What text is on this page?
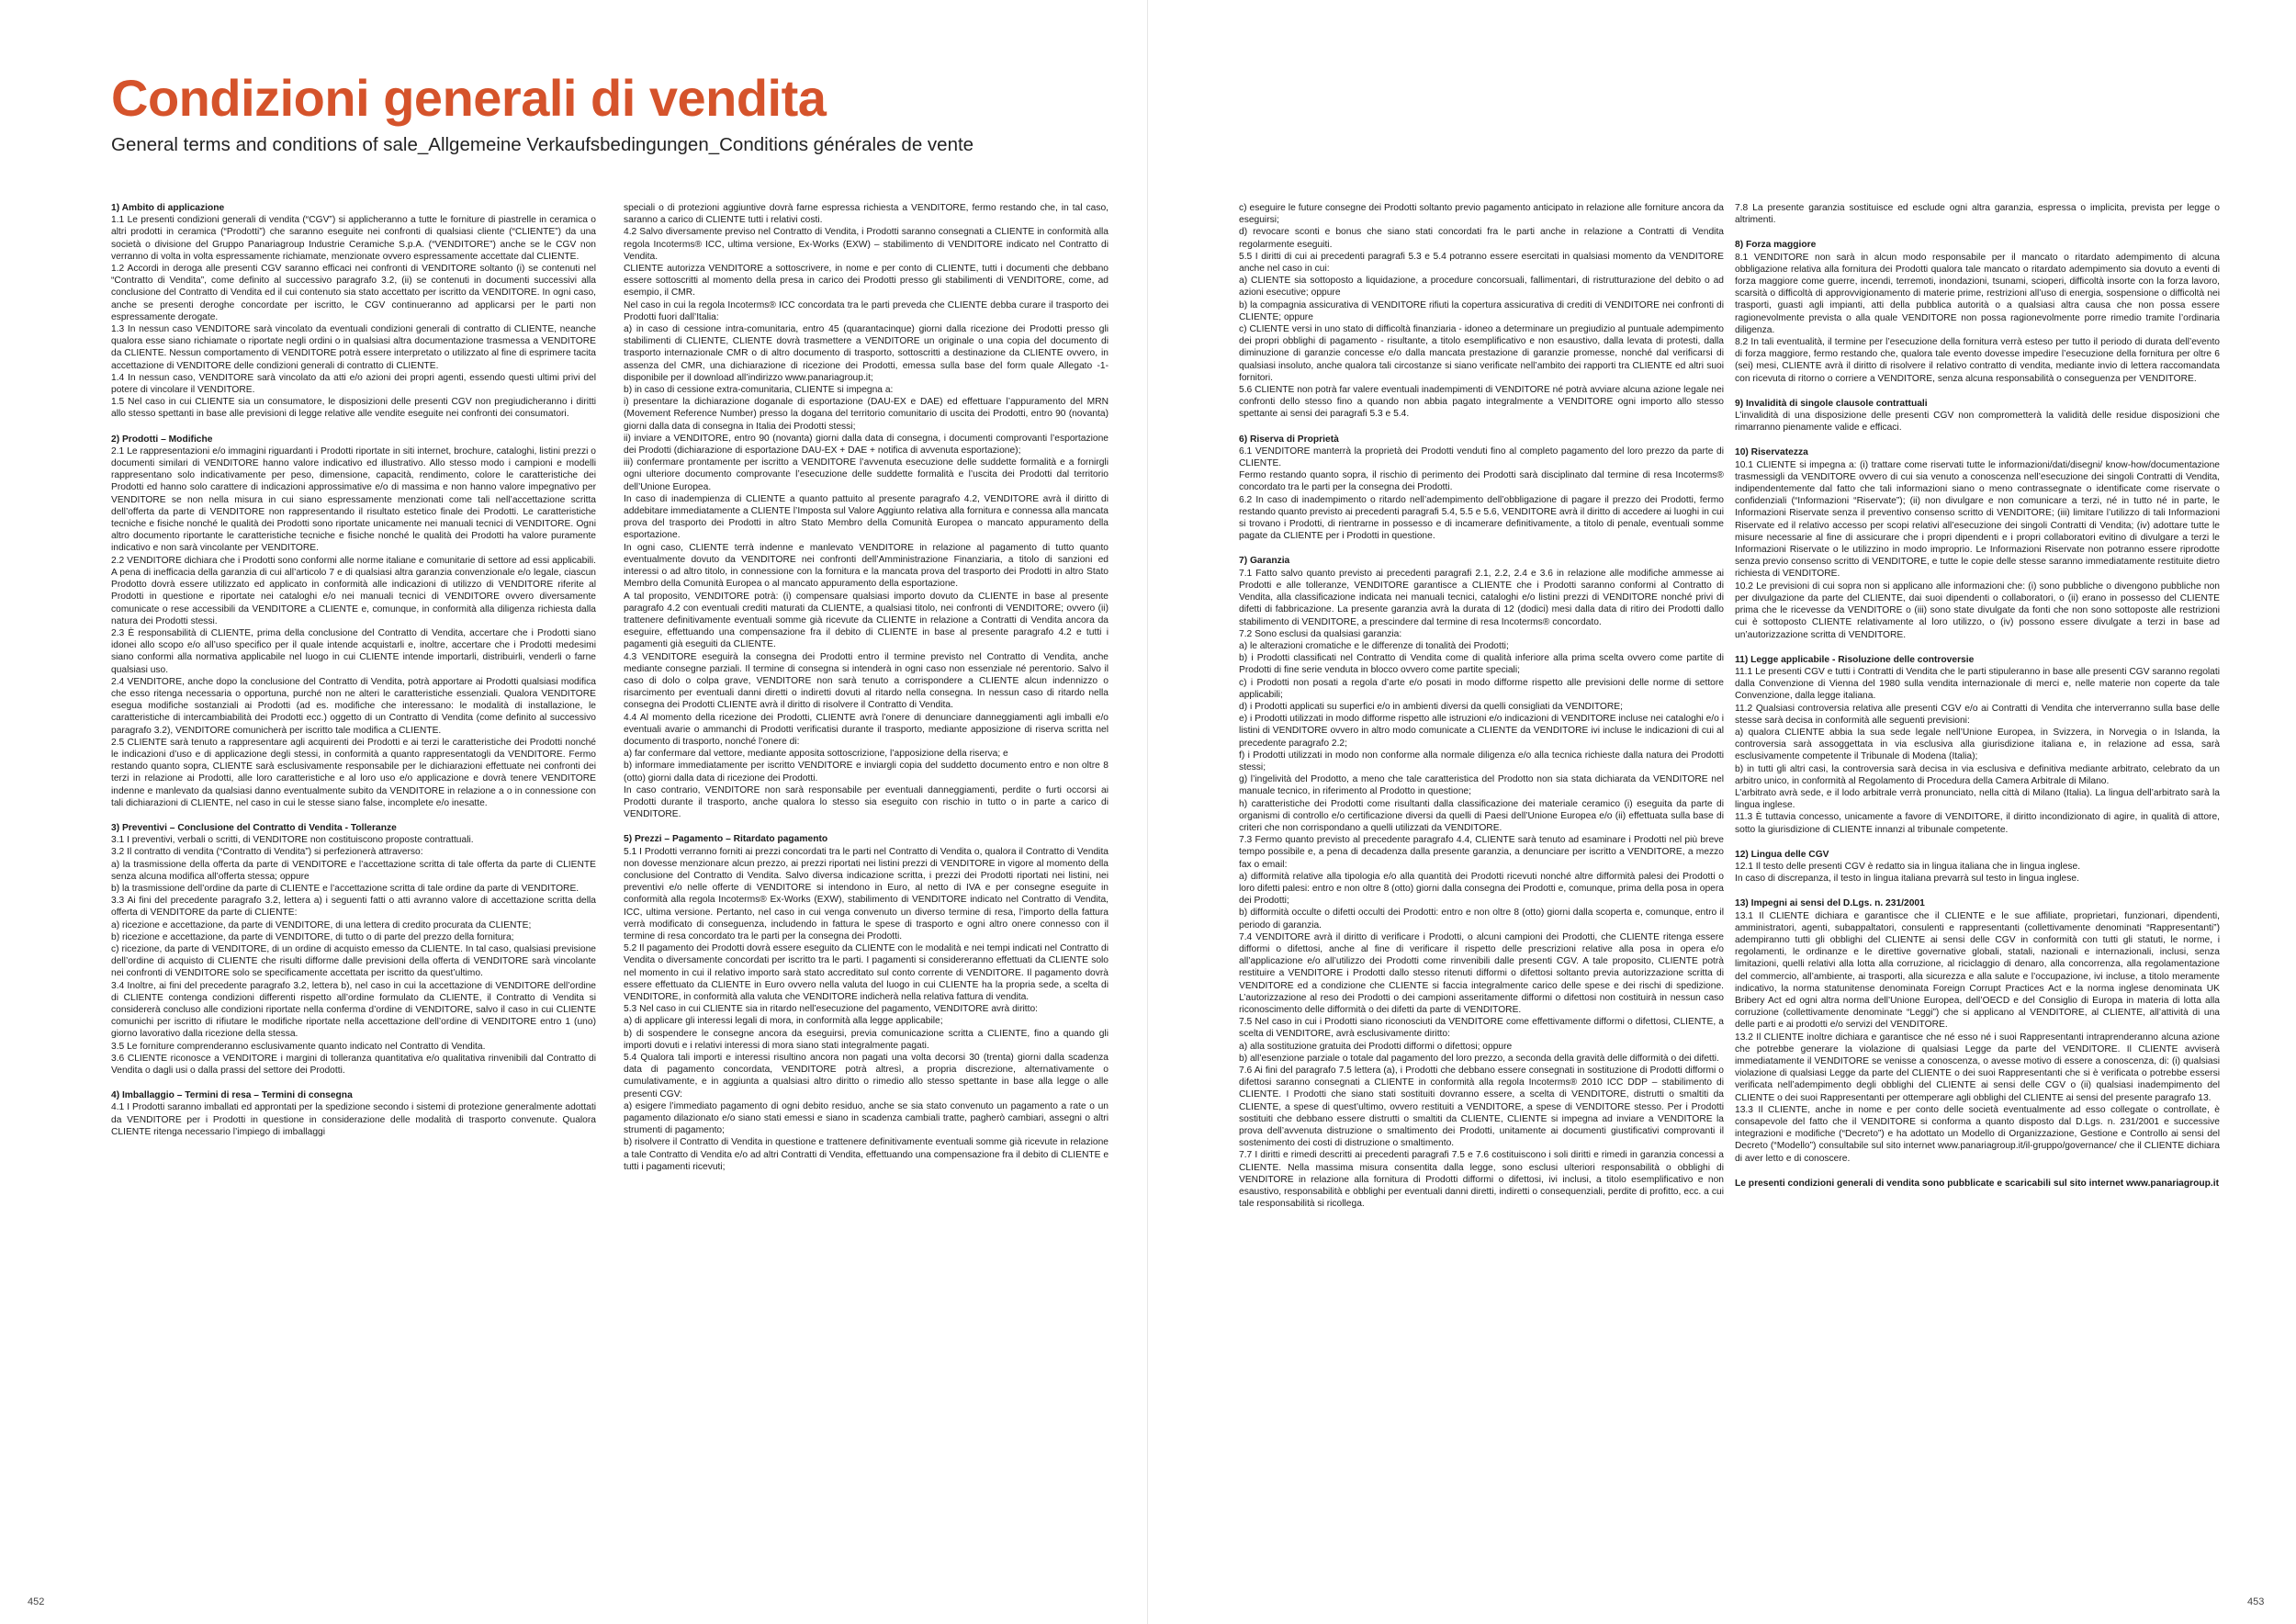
Condizioni generali di vendita
General terms and conditions of sale_Allgemeine Verkaufsbedingungen_Conditions générales de vente

1) Ambito di applicazione

1.1 Le presenti condizioni generali di vendita (“CGV”) si applicheranno a tutte le forniture di piastrelle in ceramica o altri prodotti in ceramica (“Prodotti”) che saranno eseguite nei confronti di qualsiasi cliente (“CLIENTE”) da una società o divisione del Gruppo Panariagroup Industrie Ceramiche S.p.A. (“VENDITORE”) anche se le CGV non verranno di volta in volta espressamente richiamate, menzionate ovvero espressamente accettate dal CLIENTE.

1.2 Accordi in deroga alle presenti CGV saranno efficaci nei confronti di VENDITORE soltanto (i) se contenuti nel “Contratto di Vendita”, come definito al successivo paragrafo 3.2, (ii) se contenuti in documenti successivi alla conclusione del Contratto di Vendita ed il cui contenuto sia stato accettato per iscritto da VENDITORE. In ogni caso, anche se presenti deroghe concordate per iscritto, le CGV continueranno ad applicarsi per le parti non espressamente derogate.

1.3 In nessun caso VENDITORE sarà vincolato da eventuali condizioni generali di contratto di CLIENTE, neanche qualora esse siano richiamate o riportate negli ordini o in qualsiasi altra documentazione trasmessa a VENDITORE da CLIENTE. Nessun comportamento di VENDITORE potrà essere interpretato o utilizzato al fine di esprimere tacita accettazione di VENDITORE delle condizioni generali di contratto di CLIENTE.

1.4 In nessun caso, VENDITORE sarà vincolato da atti e/o azioni dei propri agenti, essendo questi ultimi privi del potere di vincolare il VENDITORE.

1.5 Nel caso in cui CLIENTE sia un consumatore, le disposizioni delle presenti CGV non pregiudicheranno i diritti allo stesso spettanti in base alle previsioni di legge relative alle vendite eseguite nei confronti dei consumatori.

2) Prodotti – Modifiche

2.1 Le rappresentazioni e/o immagini riguardanti i Prodotti riportate in siti internet, brochure, cataloghi, listini prezzi o documenti similari di VENDITORE hanno valore indicativo ed illustrativo. Allo stesso modo i campioni e modelli rappresentano solo indicativamente per peso, dimensione, capacità, rendimento, colore le caratteristiche dei Prodotti ed hanno solo carattere di indicazioni approssimative e/o di massima e non hanno valore impegnativo per VENDITORE se non nella misura in cui siano espressamente menzionati come tali nell’accettazione scritta dell’offerta da parte di VENDITORE non rappresentando il risultato estetico finale dei Prodotti. Le caratteristiche tecniche e fisiche nonché le qualità dei Prodotti sono riportate unicamente nei manuali tecnici di VENDITORE. Ogni altro documento riportante le caratteristiche tecniche e fisiche nonché le qualità dei Prodotti ha valore puramente indicativo e non sarà vincolante per VENDITORE.

2.2 VENDITORE dichiara che i Prodotti sono conformi alle norme italiane e comunitarie di settore ad essi applicabili. A pena di inefficacia della garanzia di cui all’articolo 7 e di qualsiasi altra garanzia convenzionale e/o legale, ciascun Prodotto dovrà essere utilizzato ed applicato in conformità alle indicazioni di utilizzo di VENDITORE riferite al Prodotti in questione e riportate nei cataloghi e/o nei manuali tecnici di VENDITORE ovvero diversamente comunicate o rese accessibili da VENDITORE a CLIENTE e, comunque, in conformità alla diligenza richiesta dalla natura dei Prodotti stessi.

2.3 È responsabilità di CLIENTE, prima della conclusione del Contratto di Vendita, accertare che i Prodotti siano idonei allo scopo e/o all’uso specifico per il quale intende acquistarli e, inoltre, accertare che i Prodotti medesimi siano conformi alla normativa applicabile nel luogo in cui CLIENTE intende importarli, distribuirli, venderli o farne qualsiasi uso.

2.4 VENDITORE, anche dopo la conclusione del Contratto di Vendita, potrà apportare ai Prodotti qualsiasi modifica che esso ritenga necessaria o opportuna, purché non ne alteri le caratteristiche essenziali. Qualora VENDITORE esegua modifiche sostanziali ai Prodotti (ad es. modifiche che interessano: le modalità di installazione, le caratteristiche di intercambiabilità dei Prodotti ecc.) oggetto di un Contratto di Vendita (come definito al successivo paragrafo 3.2), VENDITORE comunicherà per iscritto tale modifica a CLIENTE.

2.5 CLIENTE sarà tenuto a rappresentare agli acquirenti dei Prodotti e ai terzi le caratteristiche dei Prodotti nonché le indicazioni d’uso e di applicazione degli stessi, in conformità a quanto rappresentatogli da VENDITORE. Fermo restando quanto sopra, CLIENTE sarà esclusivamente responsabile per le dichiarazioni effettuate nei confronti dei terzi in relazione ai Prodotti, alle loro caratteristiche e al loro uso e/o applicazione e dovrà tenere VENDITORE indenne e manlevato da qualsiasi danno eventualmente subito da VENDITORE in relazione a o in connessione con tali dichiarazioni di CLIENTE, nel caso in cui le stesse siano false, incomplete e/o inesatte.

3) Preventivi – Conclusione del Contratto di Vendita - Tolleranze

3.1 I preventivi, verbali o scritti, di VENDITORE non costituiscono proposte contrattuali.

3.2 Il contratto di vendita (“Contratto di Vendita”) si perfezionerà attraverso:

a) la trasmissione della offerta da parte di VENDITORE e l’accettazione scritta di tale offerta da parte di CLIENTE senza alcuna modifica all’offerta stessa; oppure

b) la trasmissione dell’ordine da parte di CLIENTE e l’accettazione scritta di tale ordine da parte di VENDITORE.

3.3 Ai fini del precedente paragrafo 3.2, lettera a) i seguenti fatti o atti avranno valore di accettazione scritta della offerta di VENDITORE da parte di CLIENTE:

a) ricezione e accettazione, da parte di VENDITORE, di una lettera di credito procurata da CLIENTE;

b) ricezione e accettazione, da parte di VENDITORE, di tutto o di parte del prezzo della fornitura;

c) ricezione, da parte di VENDITORE, di un ordine di acquisto emesso da CLIENTE. In tal caso, qualsiasi previsione dell’ordine di acquisto di CLIENTE che risulti difforme dalle previsioni della offerta di VENDITORE sarà vincolante nei confronti di VENDITORE solo se specificamente accettata per iscritto da quest’ultimo.

3.4 Inoltre, ai fini del precedente paragrafo 3.2, lettera b), nel caso in cui la accettazione di VENDITORE dell’ordine di CLIENTE contenga condizioni differenti rispetto all’ordine formulato da CLIENTE, il Contratto di Vendita si considererà concluso alle condizioni riportate nella conferma d’ordine di VENDITORE, salvo il caso in cui CLIENTE comunichi per iscritto di rifiutare le modifiche riportate nella accettazione dell’ordine di VENDITORE entro 1 (uno) giorno lavorativo dalla ricezione della stessa.

3.5 Le forniture comprenderanno esclusivamente quanto indicato nel Contratto di Vendita.

3.6 CLIENTE riconosce a VENDITORE i margini di tolleranza quantitativa e/o qualitativa rinvenibili dal Contratto di Vendita o dagli usi o dalla prassi del settore dei Prodotti.

4) Imballaggio – Termini di resa – Termini di consegna

4.1 I Prodotti saranno imballati ed approntati per la spedizione secondo i sistemi di protezione generalmente adottati da VENDITORE per i Prodotti in questione in considerazione delle modalità di trasporto convenute. Qualora CLIENTE ritenga necessario l’impiego di imballaggi

speciali o di protezioni aggiuntive dovrà farne espressa richiesta a VENDITORE, fermo restando che, in tal caso, saranno a carico di CLIENTE tutti i relativi costi.

4.2 Salvo diversamente previso nel Contratto di Vendita, i Prodotti saranno consegnati a CLIENTE in conformità alla regola Incoterms® ICC, ultima versione, Ex-Works (EXW) – stabilimento di VENDITORE indicato nel Contratto di Vendita.

CLIENTE autorizza VENDITORE a sottoscrivere, in nome e per conto di CLIENTE, tutti i documenti che debbano essere sottoscritti al momento della presa in carico dei Prodotti presso gli stabilimenti di VENDITORE, come, ad esempio, il CMR.

Nel caso in cui la regola Incoterms® ICC concordata tra le parti preveda che CLIENTE debba curare il trasporto dei Prodotti fuori dall’Italia:

a) in caso di cessione intra-comunitaria, entro 45 (quarantacinque) giorni dalla ricezione dei Prodotti presso gli stabilimenti di CLIENTE, CLIENTE dovrà trasmettere a VENDITORE un originale o una copia del documento di trasporto internazionale CMR o di altro documento di trasporto, sottoscritti a destinazione da CLIENTE ovvero, in assenza del CMR, una dichiarazione di ricezione dei Prodotti, emessa sulla base del form quale Allegato -1- disponibile per il download all’indirizzo www.panariagroup.it;

b) in caso di cessione extra-comunitaria, CLIENTE si impegna a:

i) presentare la dichiarazione doganale di esportazione (DAU-EX e DAE) ed effettuare l’appuramento del MRN (Movement Reference Number) presso la dogana del territorio comunitario di uscita dei Prodotti, entro 90 (novanta) giorni dalla data di consegna in Italia dei Prodotti stessi;

ii) inviare a VENDITORE, entro 90 (novanta) giorni dalla data di consegna, i documenti comprovanti l’esportazione dei Prodotti (dichiarazione di esportazione DAU-EX + DAE + notifica di avvenuta esportazione);

iii) confermare prontamente per iscritto a VENDITORE l’avvenuta esecuzione delle suddette formalità e a fornirgli ogni ulteriore documento comprovante l’esecuzione delle suddette formalità e l’uscita dei Prodotti dal territorio dell’Unione Europea.

In caso di inadempienza di CLIENTE a quanto pattuito al presente paragrafo 4.2, VENDITORE avrà il diritto di addebitare immediatamente a CLIENTE l’Imposta sul Valore Aggiunto relativa alla fornitura e connessa alla mancata prova del trasporto dei Prodotti in altro Stato Membro della Comunità Europea o mancato appuramento della esportazione.

In ogni caso, CLIENTE terrà indenne e manlevato VENDITORE in relazione al pagamento di tutto quanto eventualmente dovuto da VENDITORE nei confronti dell’Amministrazione Finanziaria, a titolo di sanzioni ed interessi o ad altro titolo, in connessione con la fornitura e la mancata prova del trasporto dei Prodotti in altro Stato Membro della Comunità Europea o al mancato appuramento della esportazione.

A tal proposito, VENDITORE potrà: (i) compensare qualsiasi importo dovuto da CLIENTE in base al presente paragrafo 4.2 con eventuali crediti maturati da CLIENTE, a qualsiasi titolo, nei confronti di VENDITORE; ovvero (ii) trattenere definitivamente eventuali somme già ricevute da CLIENTE in relazione a Contratti di Vendita ancora da eseguire, effettuando una compensazione fra il debito di CLIENTE in base al presente paragrafo 4.2 e tutti i pagamenti già eseguiti da CLIENTE.

4.3 VENDITORE eseguirà la consegna dei Prodotti entro il termine previsto nel Contratto di Vendita, anche mediante consegne parziali. Il termine di consegna si intenderà in ogni caso non essenziale né perentorio. Salvo il caso di dolo o colpa grave, VENDITORE non sarà tenuto a corrispondere a CLIENTE alcun indennizzo o risarcimento per eventuali danni diretti o indiretti dovuti al ritardo nella consegna. In nessun caso di ritardo nella consegna dei Prodotti CLIENTE avrà il diritto di risolvere il Contratto di Vendita.

4.4 Al momento della ricezione dei Prodotti, CLIENTE avrà l’onere di denunciare danneggiamenti agli imballi e/o eventuali avarie o ammanchi di Prodotti verificatisi durante il trasporto, mediante apposizione di riserva scritta nel documento di trasporto, nonché l’onere di:

a) far confermare dal vettore, mediante apposita sottoscrizione, l’apposizione della riserva; e

b) informare immediatamente per iscritto VENDITORE e inviargli copia del suddetto documento entro e non oltre 8 (otto) giorni dalla data di ricezione dei Prodotti.

In caso contrario, VENDITORE non sarà responsabile per eventuali danneggiamenti, perdite o furti occorsi ai Prodotti durante il trasporto, anche qualora lo stesso sia eseguito con rischio in tutto o in parte a carico di VENDITORE.

5) Prezzi – Pagamento – Ritardato pagamento

5.1 I Prodotti verranno forniti ai prezzi concordati tra le parti nel Contratto di Vendita o, qualora il Contratto di Vendita non dovesse menzionare alcun prezzo, ai prezzi riportati nei listini prezzi di VENDITORE in vigore al momento della conclusione del Contratto di Vendita. Salvo diversa indicazione scritta, i prezzi dei Prodotti riportati nei listini, nei preventivi e/o nelle offerte di VENDITORE si intendono in Euro, al netto di IVA e per consegne eseguite in conformità alla regola Incoterms® Ex-Works (EXW), stabilimento di VENDITORE indicato nel Contratto di Vendita, ICC, ultima versione. Pertanto, nel caso in cui venga convenuto un diverso termine di resa, l’importo della fattura verrà modificato di conseguenza, includendo in fattura le spese di trasporto e ogni altro onere connesso con il termine di resa concordato tra le parti per la consegna dei Prodotti.

5.2 Il pagamento dei Prodotti dovrà essere eseguito da CLIENTE con le modalità e nei tempi indicati nel Contratto di Vendita o diversamente concordati per iscritto tra le parti. I pagamenti si considereranno effettuati da CLIENTE solo nel momento in cui il relativo importo sarà stato accreditato sul conto corrente di VENDITORE. Il pagamento dovrà essere effettuato da CLIENTE in Euro ovvero nella valuta del luogo in cui CLIENTE ha la propria sede, a scelta di VENDITORE, in conformità alla valuta che VENDITORE indicherà nella relativa fattura di vendita.

5.3 Nel caso in cui CLIENTE sia in ritardo nell’esecuzione del pagamento, VENDITORE avrà diritto:

a) di applicare gli interessi legali di mora, in conformità alla legge applicabile;

b) di sospendere le consegne ancora da eseguirsi, previa comunicazione scritta a CLIENTE, fino a quando gli importi dovuti e i relativi interessi di mora siano stati integralmente pagati.

5.4 Qualora tali importi e interessi risultino ancora non pagati una volta decorsi 30 (trenta) giorni dalla scadenza data di pagamento concordata, VENDITORE potrà altresì, a propria discrezione, alternativamente o cumulativamente, e in aggiunta a qualsiasi altro diritto o rimedio allo stesso spettante in base alla legge o alle presenti CGV:

a) esigere l’immediato pagamento di ogni debito residuo, anche se sia stato convenuto un pagamento a rate o un pagamento dilazionato e/o siano stati emessi e siano in scadenza cambiali tratte, pagherò cambiari, assegni o altri strumenti di pagamento;

b) risolvere il Contratto di Vendita in questione e trattenere definitivamente eventuali somme già ricevute in relazione a tale Contratto di Vendita e/o ad altri Contratti di Vendita, effettuando una compensazione fra il debito di CLIENTE e tutti i pagamenti ricevuti;

c) eseguire le future consegne dei Prodotti soltanto previo pagamento anticipato in relazione alle forniture ancora da eseguirsi;

d) revocare sconti e bonus che siano stati concordati fra le parti anche in relazione a Contratti di Vendita regolarmente eseguiti.

5.5 I diritti di cui ai precedenti paragrafi 5.3 e 5.4 potranno essere esercitati in qualsiasi momento da VENDITORE anche nel caso in cui:

a) CLIENTE sia sottoposto a liquidazione, a procedure concorsuali, fallimentari, di ristrutturazione del debito o ad azioni esecutive; oppure

b) la compagnia assicurativa di VENDITORE rifiuti la copertura assicurativa di crediti di VENDITORE nei confronti di CLIENTE; oppure

c) CLIENTE versi in uno stato di difficoltà finanziaria - idoneo a determinare un pregiudizio al puntuale adempimento dei propri obblighi di pagamento - risultante, a titolo esemplificativo e non esaustivo, dalla levata di protesti, dalla diminuzione di garanzie concesse e/o dalla mancata prestazione di garanzie promesse, nonché dal verificarsi di qualsiasi insoluto, anche qualora tali circostanze si siano verificate nell’ambito dei rapporti tra CLIENTE ed altri suoi fornitori.

5.6 CLIENTE non potrà far valere eventuali inadempimenti di VENDITORE né potrà avviare alcuna azione legale nei confronti dello stesso fino a quando non abbia pagato integralmente a VENDITORE ogni importo allo stesso spettante ai sensi dei paragrafi 5.3 e 5.4.

6) Riserva di Proprietà

6.1 VENDITORE manterrà la proprietà dei Prodotti venduti fino al completo pagamento del loro prezzo da parte di CLIENTE.

Fermo restando quanto sopra, il rischio di perimento dei Prodotti sarà disciplinato dal termine di resa Incoterms® concordato tra le parti per la consegna dei Prodotti.

6.2 In caso di inadempimento o ritardo nell’adempimento dell’obbligazione di pagare il prezzo dei Prodotti, fermo restando quanto previsto ai precedenti paragrafi 5.4, 5.5 e 5.6, VENDITORE avrà il diritto di accedere ai luoghi in cui si trovano i Prodotti, di rientrarne in possesso e di incamerare definitivamente, a titolo di penale, eventuali somme pagate da CLIENTE per i Prodotti in questione.

7) Garanzia

7.1 Fatto salvo quanto previsto ai precedenti paragrafi 2.1, 2.2, 2.4 e 3.6 in relazione alle modifiche ammesse ai Prodotti e alle tolleranze, VENDITORE garantisce a CLIENTE che i Prodotti saranno conformi al Contratto di Vendita, alla classificazione indicata nei manuali tecnici, cataloghi e/o listini prezzi di VENDITORE nonché privi di difetti di fabbricazione. La presente garanzia avrà la durata di 12 (dodici) mesi dalla data di ritiro dei Prodotti dallo stabilimento di VENDITORE, a prescindere dal termine di resa Incoterms® concordato.

7.2 Sono esclusi da qualsiasi garanzia:

a) le alterazioni cromatiche e le differenze di tonalità dei Prodotti;

b) i Prodotti classificati nel Contratto di Vendita come di qualità inferiore alla prima scelta ovvero come partite di Prodotti di fine serie venduta in blocco ovvero come partite speciali;

c) i Prodotti non posati a regola d’arte e/o posati in modo difforme rispetto alle previsioni delle norme di settore applicabili;

d) i Prodotti applicati su superfici e/o in ambienti diversi da quelli consigliati da VENDITORE;

e) i Prodotti utilizzati in modo difforme rispetto alle istruzioni e/o indicazioni di VENDITORE incluse nei cataloghi e/o i listini di VENDITORE ovvero in altro modo comunicate a CLIENTE da VENDITORE ivi incluse le indicazioni di cui al precedente paragrafo 2.2;

f) i Prodotti utilizzati in modo non conforme alla normale diligenza e/o alla tecnica richieste dalla natura dei Prodotti stessi;

g) l’ingelività del Prodotto, a meno che tale caratteristica del Prodotto non sia stata dichiarata da VENDITORE nel manuale tecnico, in riferimento al Prodotto in questione;

h) caratteristiche dei Prodotti come risultanti dalla classificazione dei materiale ceramico (i) eseguita da parte di organismi di controllo e/o certificazione diversi da quelli di Paesi dell’Unione Europea e/o (ii) effettuata sulla base di criteri che non corrispondano a quelli utilizzati da VENDITORE.

7.3 Fermo quanto previsto al precedente paragrafo 4.4, CLIENTE sarà tenuto ad esaminare i Prodotti nel più breve tempo possibile e, a pena di decadenza dalla presente garanzia, a denunciare per iscritto a VENDITORE, a mezzo fax o email:

a) difformità relative alla tipologia e/o alla quantità dei Prodotti ricevuti nonché altre difformità palesi dei Prodotti o loro difetti palesi: entro e non oltre 8 (otto) giorni dalla consegna dei Prodotti e, comunque, prima della posa in opera dei Prodotti;

b) difformità occulte o difetti occulti dei Prodotti: entro e non oltre 8 (otto) giorni dalla scoperta e, comunque, entro il periodo di garanzia.

7.4 VENDITORE avrà il diritto di verificare i Prodotti, o alcuni campioni dei Prodotti, che CLIENTE ritenga essere difformi o difettosi, anche al fine di verificare il rispetto delle prescrizioni relative alla posa in opera e/o all’applicazione e/o all’utilizzo dei Prodotti come rinvenibili dalle presenti CGV. A tale proposito, CLIENTE potrà restituire a VENDITORE i Prodotti dallo stesso ritenuti difformi o difettosi soltanto previa autorizzazione scritta di VENDITORE ed a condizione che CLIENTE si faccia integralmente carico delle spese e dei rischi di spedizione. L’autorizzazione al reso dei Prodotti o dei campioni asseritamente difformi o difettosi non costituirà in nessun caso riconoscimento delle difformità o dei difetti da parte di VENDITORE.

7.5 Nel caso in cui i Prodotti siano riconosciuti da VENDITORE come effettivamente difformi o difettosi, CLIENTE, a scelta di VENDITORE, avrà esclusivamente diritto:

a) alla sostituzione gratuita dei Prodotti difformi o difettosi; oppure

b) all’esenzione parziale o totale dal pagamento del loro prezzo, a seconda della gravità delle difformità o dei difetti.

7.6 Ai fini del paragrafo 7.5 lettera (a), i Prodotti che debbano essere consegnati in sostituzione di Prodotti difformi o difettosi saranno consegnati a CLIENTE in conformità alla regola Incoterms® 2010 ICC DDP – stabilimento di CLIENTE. I Prodotti che siano stati sostituiti dovranno essere, a scelta di VENDITORE, distrutti o smaltiti da CLIENTE, a spese di quest’ultimo, ovvero restituiti a VENDITORE, a spese di VENDITORE stesso. Per i Prodotti sostituiti che debbano essere distrutti o smaltiti da CLIENTE, CLIENTE si impegna ad inviare a VENDITORE la prova dell’avvenuta distruzione o smaltimento dei Prodotti, unitamente ai documenti giustificativi comprovanti il sostenimento dei costi di distruzione o smaltimento.

7.7 I diritti e rimedi descritti ai precedenti paragrafi 7.5 e 7.6 costituiscono i soli diritti e rimedi in garanzia concessi a CLIENTE. Nella massima misura consentita dalla legge, sono esclusi ulteriori responsabilità o obblighi di VENDITORE in relazione alla fornitura di Prodotti difformi o difettosi, ivi inclusi, a titolo esemplificativo e non esaustivo, responsabilità e obblighi per eventuali danni diretti, indiretti o consequenziali, perdite di profitto, ecc. a cui tale responsabilità si ricollega.

7.8 La presente garanzia sostituisce ed esclude ogni altra garanzia, espressa o implicita, prevista per legge o altrimenti.

8) Forza maggiore

8.1 VENDITORE non sarà in alcun modo responsabile per il mancato o ritardato adempimento di alcuna obbligazione relativa alla fornitura dei Prodotti qualora tale mancato o ritardato adempimento sia dovuto a eventi di forza maggiore come guerre, incendi, terremoti, inondazioni, tsunami, scioperi, difficoltà insorte con la forza lavoro, scarsità o difficoltà di approvvigionamento di materie prime, restrizioni all’uso di energia, sospensione o difficoltà nei trasporti, guasti agli impianti, atti della pubblica autorità o a qualsiasi altra causa che non possa essere ragionevolmente prevista o alla quale VENDITORE non possa ragionevolmente porre rimedio tramite l’ordinaria diligenza.

8.2 In tali eventualità, il termine per l’esecuzione della fornitura verrà esteso per tutto il periodo di durata dell’evento di forza maggiore, fermo restando che, qualora tale evento dovesse impedire l’esecuzione della fornitura per oltre 6 (sei) mesi, CLIENTE avrà il diritto di risolvere il relativo contratto di vendita, mediante invio di lettera raccomandata con ricevuta di ritorno o corriere a VENDITORE, senza alcuna responsabilità o conseguenza per VENDITORE.

9) Invalidità di singole clausole contrattuali

L’invalidità di una disposizione delle presenti CGV non comprometterà la validità delle residue disposizioni che rimarranno pienamente valide e efficaci.

10) Riservatezza

10.1 CLIENTE si impegna a: (i) trattare come riservati tutte le informazioni/dati/disegni/ know-how/documentazione trasmessigli da VENDITORE ovvero di cui sia venuto a conoscenza nell’esecuzione dei singoli Contratti di Vendita, indipendentemente dal fatto che tali informazioni siano o meno contrassegnate o identificate come riservate o confidenziali (“Informazioni “Riservate”); (ii) non divulgare e non comunicare a terzi, né in tutto né in parte, le Informazioni Riservate senza il preventivo consenso scritto di VENDITORE; (iii) limitare l’utilizzo di tali Informazioni Riservate ed il relativo accesso per scopi relativi all’esecuzione dei singoli Contratti di Vendita; (iv) adottare tutte le misure necessarie al fine di assicurare che i propri dipendenti e i propri collaboratori evitino di divulgare a terzi le Informazioni Riservate o le utilizzino in modo improprio. Le Informazioni Riservate non potranno essere riprodotte senza previo consenso scritto di VENDITORE, e tutte le copie delle stesse saranno immediatamente restituite dietro richiesta di VENDITORE.

10.2 Le previsioni di cui sopra non si applicano alle informazioni che: (i) sono pubbliche o divengono pubbliche non per divulgazione da parte del CLIENTE, dai suoi dipendenti o collaboratori, o (ii) erano in possesso del CLIENTE prima che le ricevesse da VENDITORE o (iii) sono state divulgate da fonti che non sono sottoposte alle restrizioni cui è sottoposto CLIENTE relativamente al loro utilizzo, o (iv) possono essere divulgate a terzi in base ad un’autorizzazione scritta di VENDITORE.

11) Legge applicabile - Risoluzione delle controversie

11.1 Le presenti CGV e tutti i Contratti di Vendita che le parti stipuleranno in base alle presenti CGV saranno regolati dalla Convenzione di Vienna del 1980 sulla vendita internazionale di merci e, nelle materie non coperte da tale Convenzione, dalla legge italiana.

11.2 Qualsiasi controversia relativa alle presenti CGV e/o ai Contratti di Vendita che interverranno sulla base delle stesse sarà decisa in conformità alle seguenti previsioni:

a) qualora CLIENTE abbia la sua sede legale nell’Unione Europea, in Svizzera, in Norvegia o in Islanda, la controversia sarà assoggettata in via esclusiva alla giurisdizione italiana e, in relazione ad essa, sarà esclusivamente competente il Tribunale di Modena (Italia);

b) in tutti gli altri casi, la controversia sarà decisa in via esclusiva e definitiva mediante arbitrato, celebrato da un arbitro unico, in conformità al Regolamento di Procedura della Camera Arbitrale di Milano.

L’arbitrato avrà sede, e il lodo arbitrale verrà pronunciato, nella città di Milano (Italia). La lingua dell’arbitrato sarà la lingua inglese.

11.3 È tuttavia concesso, unicamente a favore di VENDITORE, il diritto incondizionato di agire, in qualità di attore, sotto la giurisdizione di CLIENTE innanzi al tribunale competente.

12) Lingua delle CGV

12.1 Il testo delle presenti CGV è redatto sia in lingua italiana che in lingua inglese.

In caso di discrepanza, il testo in lingua italiana prevarrà sul testo in lingua inglese.

13) Impegni ai sensi del D.Lgs. n. 231/2001

13.1 Il CLIENTE dichiara e garantisce che il CLIENTE e le sue affiliate, proprietari, funzionari, dipendenti, amministratori, agenti, subappaltatori, consulenti e rappresentanti (collettivamente denominati “Rappresentanti”) adempiranno tutti gli obblighi del CLIENTE ai sensi delle CGV in conformità con tutti gli statuti, le norme, i regolamenti, le ordinanze e le direttive governative globali, statali, nazionali e internazionali, inclusi, senza limitazioni, quelli relativi alla lotta alla corruzione, al riciclaggio di denaro, alla concorrenza, alla regolamentazione del commercio, all’ambiente, ai trasporti, alla sicurezza e alla salute e l’occupazione, ivi incluse, a titolo meramente indicativo, la norma statunitense denominata Foreign Corrupt Practices Act e la norma inglese denominata UK Bribery Act ed ogni altra norma dell’Unione Europea, dell’OECD e del Consiglio di Europa in materia di lotta alla corruzione (collettivamente denominate “Leggi”) che si applicano al VENDITORE, al CLIENTE, all’attività di una delle parti e ai prodotti e/o servizi del VENDITORE.

13.2 Il CLIENTE inoltre dichiara e garantisce che né esso né i suoi Rappresentanti intraprenderanno alcuna azione che potrebbe generare la violazione di qualsiasi Legge da parte del VENDITORE. Il CLIENTE avviserà immediatamente il VENDITORE se venisse a conoscenza, o avesse motivo di essere a conoscenza, di: (i) qualsiasi violazione di qualsiasi Legge da parte del CLIENTE o dei suoi Rappresentanti che si è verificata o potrebbe essersi verificata nell’adempimento degli obblighi del CLIENTE ai sensi delle CGV o (ii) qualsiasi inadempimento del CLIENTE o dei suoi Rappresentanti per ottemperare agli obblighi del CLIENTE ai sensi del presente paragrafo 13.

13.3 Il CLIENTE, anche in nome e per conto delle società eventualmente ad esso collegate o controllate, è consapevole del fatto che il VENDITORE si conforma a quanto disposto dal D.Lgs. n. 231/2001 e successive integrazioni e modifiche (“Decreto”) e ha adottato un Modello di Organizzazione, Gestione e Controllo ai sensi del Decreto (“Modello”) consultabile sul sito internet www.panariagroup.it/il-gruppo/governance/ che il CLIENTE dichiara di aver letto e di conoscere.

Le presenti condizioni generali di vendita sono pubblicate e scaricabili sul sito internet www.panariagroup.it

452	453
